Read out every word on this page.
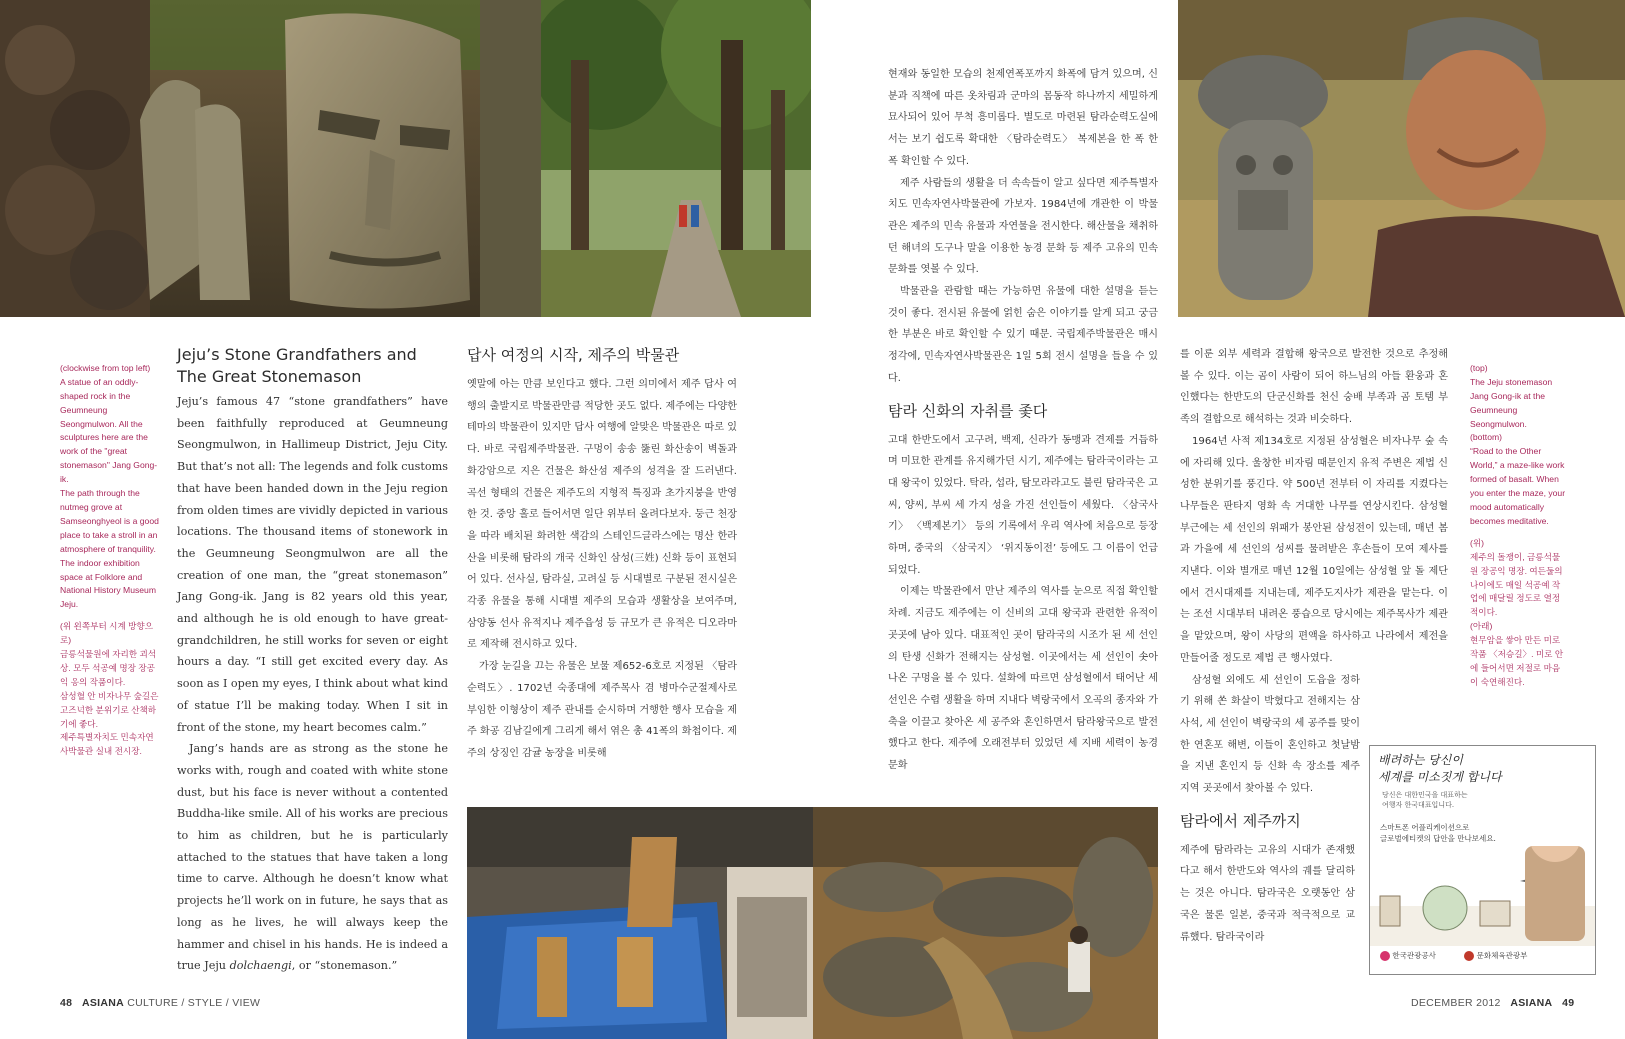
(clockwise from top left)
A statue of an oddly-shaped rock in the Geumneung Seongmulwon. All the sculptures here are the work of the "great stonemason" Jang Gong-ik.
The path through the nutmeg grove at Samseonghyeol is a good place to take a stroll in an atmosphere of tranquility.
The indoor exhibition space at Folklore and National History Museum Jeju.

(위 왼쪽부터 시계 방향으로)
금릉석물원에 자리한 괴석상. 모두 석공예 명장 장공익 옹의 작품이다.
삼성혈 안 비자나무 숲길은 고즈넉한 분위기로 산책하기에 좋다.
제주특별자치도 민속자연사박물관 실내 전시장.

Jeju’s Stone Grandfathers and
The Great Stonemason

Jeju’s famous 47 “stone grandfathers” have been faithfully reproduced at Geumneung Seongmulwon, in Hallimeup District, Jeju City. But that’s not all: The legends and folk customs that have been handed down in the Jeju region from olden times are vividly depicted in various locations. The thousand items of stonework in the Geumneung Seongmulwon are all the creation of one man, the “great stonemason” Jang Gong-ik. Jang is 82 years old this year, and although he is old enough to have great-grandchildren, he still works for seven or eight hours a day. “I still get excited every day. As soon as I open my eyes, I think about what kind of statue I’ll be making today. When I sit in front of the stone, my heart becomes calm.”

Jang’s hands are as strong as the stone he works with, rough and coated with white stone dust, but his face is never without a contented Buddha-like smile. All of his works are precious to him as children, but he is particularly attached to the statues that have taken a long time to carve. Although he doesn’t know what projects he’ll work on in future, he says that as long as he lives, he will always keep the hammer and chisel in his hands. He is indeed a true Jeju dolchaengi, or “stonemason.”

답사 여정의 시작, 제주의 박물관

옛말에 아는 만큼 보인다고 했다. 그런 의미에서 제주 답사 여행의 출발지로 박물관만큼 적당한 곳도 없다. 제주에는 다양한 테마의 박물관이 있지만 답사 여행에 알맞은 박물관은 따로 있다. 바로 국립제주박물관. 구멍이 송송 뚫린 화산송이 벽돌과 화강암으로 지은 건물은 화산섬 제주의 성격을 잘 드러낸다. 곡선 형태의 건물은 제주도의 지형적 특징과 초가지붕을 반영한 것. 중앙 홀로 들어서면 일단 위부터 올려다보자. 둥근 천장을 따라 배치된 화려한 색감의 스테인드글라스에는 명산 한라산을 비롯해 탐라의 개국 신화인 삼성(三姓) 신화 등이 표현되어 있다. 선사실, 탐라실, 고려실 등 시대별로 구분된 전시실은 각종 유물을 통해 시대별 제주의 모습과 생활상을 보여주며, 삼양동 선사 유적지나 제주읍성 등 규모가 큰 유적은 디오라마로 제작해 전시하고 있다.

가장 눈길을 끄는 유물은 보물 제652-6호로 지정된 〈탐라순력도〉. 1702년 숙종대에 제주목사 겸 병마수군절제사로 부임한 이형상이 제주 관내를 순시하며 거행한 행사 모습을 제주 화공 김남길에게 그리게 해서 엮은 총 41폭의 화첩이다. 제주의 상징인 감귤 농장을 비롯해

48 ASIANA CULTURE / STYLE / VIEW

현재와 동일한 모습의 천제연폭포까지 화폭에 담겨 있으며, 신분과 직책에 따른 옷차림과 군마의 몸동작 하나까지 세밀하게 묘사되어 있어 무척 흥미롭다. 별도로 마련된 탐라순력도실에서는 보기 쉽도록 확대한 〈탐라순력도〉 복제본을 한 폭 한 폭 확인할 수 있다.

제주 사람들의 생활을 더 속속들이 알고 싶다면 제주특별자치도 민속자연사박물관에 가보자. 1984년에 개관한 이 박물관은 제주의 민속 유물과 자연물을 전시한다. 해산물을 채취하던 해녀의 도구나 말을 이용한 농경 문화 등 제주 고유의 민속 문화를 엿볼 수 있다.

박물관을 관람할 때는 가능하면 유물에 대한 설명을 듣는 것이 좋다. 전시된 유물에 얽힌 숨은 이야기를 알게 되고 궁금한 부분은 바로 확인할 수 있기 때문. 국립제주박물관은 매시 정각에, 민속자연사박물관은 1일 5회 전시 설명을 들을 수 있다.

탐라 신화의 자취를 좇다

고대 한반도에서 고구려, 백제, 신라가 동맹과 견제를 거듭하며 미묘한 관계를 유지해가던 시기, 제주에는 탐라국이라는 고대 왕국이 있었다. 탁라, 섭라, 탐모라라고도 불린 탐라국은 고씨, 양씨, 부씨 세 가지 성을 가진 선인들이 세웠다. 〈삼국사기〉 〈백제본기〉 등의 기록에서 우리 역사에 처음으로 등장하며, 중국의 〈삼국지〉 ‘위지동이전’ 등에도 그 이름이 언급되었다.

이제는 박물관에서 만난 제주의 역사를 눈으로 직접 확인할 차례. 지금도 제주에는 이 신비의 고대 왕국과 관련한 유적이 곳곳에 남아 있다. 대표적인 곳이 탐라국의 시조가 된 세 선인의 탄생 신화가 전해지는 삼성혈. 이곳에서는 세 선인이 솟아나온 구멍을 볼 수 있다. 설화에 따르면 삼성혈에서 태어난 세 선인은 수렵 생활을 하며 지내다 벽랑국에서 오곡의 종자와 가축을 이끌고 찾아온 세 공주와 혼인하면서 탐라왕국으로 발전했다고 한다. 제주에 오래전부터 있었던 세 지배 세력이 농경 문화

를 이룬 외부 세력과 결합해 왕국으로 발전한 것으로 추정해볼 수 있다. 이는 곰이 사람이 되어 하느님의 아들 환웅과 혼인했다는 한반도의 단군신화를 천신 숭배 부족과 곰 토템 부족의 결합으로 해석하는 것과 비슷하다.

1964년 사적 제134호로 지정된 삼성혈은 비자나무 숲 속에 자리해 있다. 울창한 비자림 때문인지 유적 주변은 제법 신성한 분위기를 풍긴다. 약 500년 전부터 이 자리를 지켰다는 나무들은 판타지 영화 속 거대한 나무를 연상시킨다. 삼성혈 부근에는 세 선인의 위패가 봉안된 삼성전이 있는데, 매년 봄과 가을에 세 선인의 성씨를 물려받은 후손들이 모여 제사를 지낸다. 이와 별개로 매년 12월 10일에는 삼성혈 앞 돌 제단에서 건시대제를 지내는데, 제주도지사가 제관을 맡는다. 이는 조선 시대부터 내려온 풍습으로 당시에는 제주목사가 제관을 맡았으며, 왕이 사당의 편액을 하사하고 나라에서 제전을 만들어줄 정도로 제법 큰 행사였다.

삼성혈 외에도 세 선인이 도읍을 정하기 위해 쏜 화살이 박혔다고 전해지는 삼사석, 세 선인이 벽랑국의 세 공주를 맞이한 연혼포 해변, 이들이 혼인하고 첫날밤을 지낸 혼인지 등 신화 속 장소를 제주 지역 곳곳에서 찾아볼 수 있다.

탐라에서 제주까지

제주에 탐라라는 고유의 시대가 존재했다고 해서 한반도와 역사의 궤를 달리하는 것은 아니다. 탐라국은 오랫동안 삼국은 물론 일본, 중국과 적극적으로 교류했다. 탐라국이라

(top)
The Jeju stonemason Jang Gong-ik at the Geumneung Seongmulwon.
(bottom)
“Road to the Other World,” a maze-like work formed of basalt. When you enter the maze, your mood automatically becomes meditative.

(위)
제주의 돌쟁이, 금릉석물원 장공익 명장. 여든둘의 나이에도 매일 석공예 작업에 매달릴 정도로 열정적이다.
(아래)
현무암을 쌓아 만든 미로 작품 〈저승길〉. 미로 안에 들어서면 저절로 마음이 숙연해진다.

배려하는 당신이
세계를 미소짓게 합니다
당신은 대한민국을 대표하는
여행자 한국대표입니다.
스마트폰 어플리케이션으로
글로벌에티켓의 답안을 만나보세요.
한국관광공사	문화체육관광부
DECEMBER 2012 ASIANA 49
